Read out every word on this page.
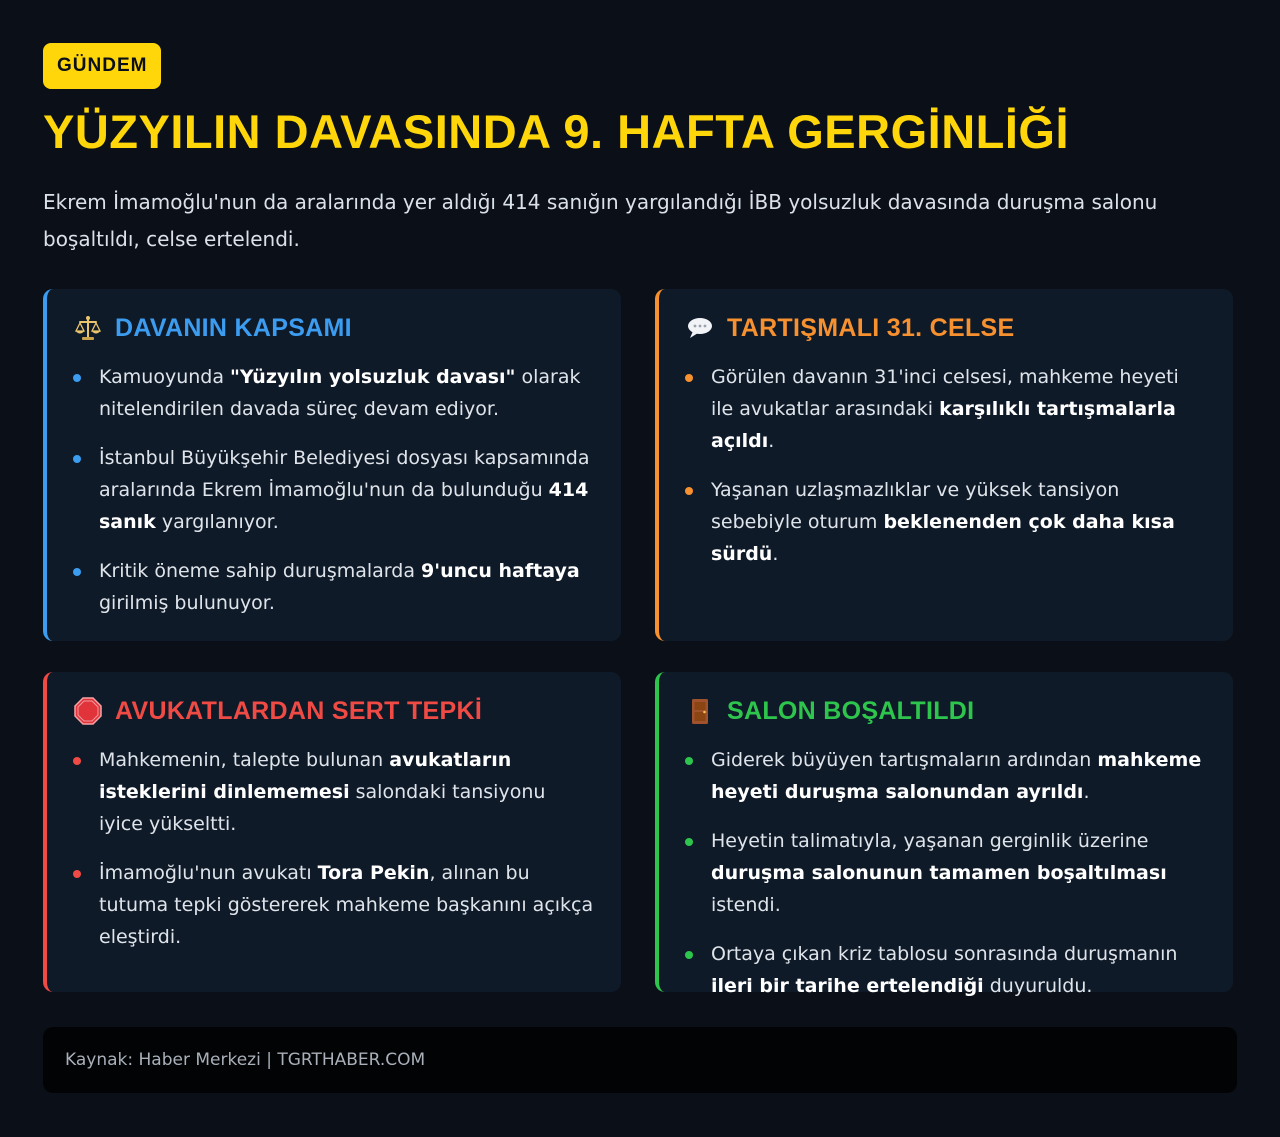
GÜNDEM
YÜZYILIN DAVASINDA 9. HAFTA GERGİNLİĞİ

Ekrem İmamoğlu'nun da aralarında yer aldığı 414 sanığın yargılandığı İBB yolsuzluk davasında duruşma salonu boşaltıldı, celse ertelendi.

DAVANIN KAPSAMI
Kamuoyunda "Yüzyılın yolsuzluk davası" olarak nitelendirilen davada süreç devam ediyor.
İstanbul Büyükşehir Belediyesi dosyası kapsamında aralarında Ekrem İmamoğlu'nun da bulunduğu 414 sanık yargılanıyor.
Kritik öneme sahip duruşmalarda 9'uncu haftaya girilmiş bulunuyor.
TARTIŞMALI 31. CELSE
Görülen davanın 31'inci celsesi, mahkeme heyeti ile avukatlar arasındaki karşılıklı tartışmalarla açıldı.
Yaşanan uzlaşmazlıklar ve yüksek tansiyon sebebiyle oturum beklenenden çok daha kısa sürdü.
AVUKATLARDAN SERT TEPKİ
Mahkemenin, talepte bulunan avukatların isteklerini dinlememesi salondaki tansiyonu iyice yükseltti.
İmamoğlu'nun avukatı Tora Pekin, alınan bu tutuma tepki göstererek mahkeme başkanını açıkça eleştirdi.
SALON BOŞALTILDI
Giderek büyüyen tartışmaların ardından mahkeme heyeti duruşma salonundan ayrıldı.
Heyetin talimatıyla, yaşanan gerginlik üzerine duruşma salonunun tamamen boşaltılması istendi.
Ortaya çıkan kriz tablosu sonrasında duruşmanın ileri bir tarihe ertelendiği duyuruldu.
Kaynak: Haber Merkezi | TGRTHABER.COM
